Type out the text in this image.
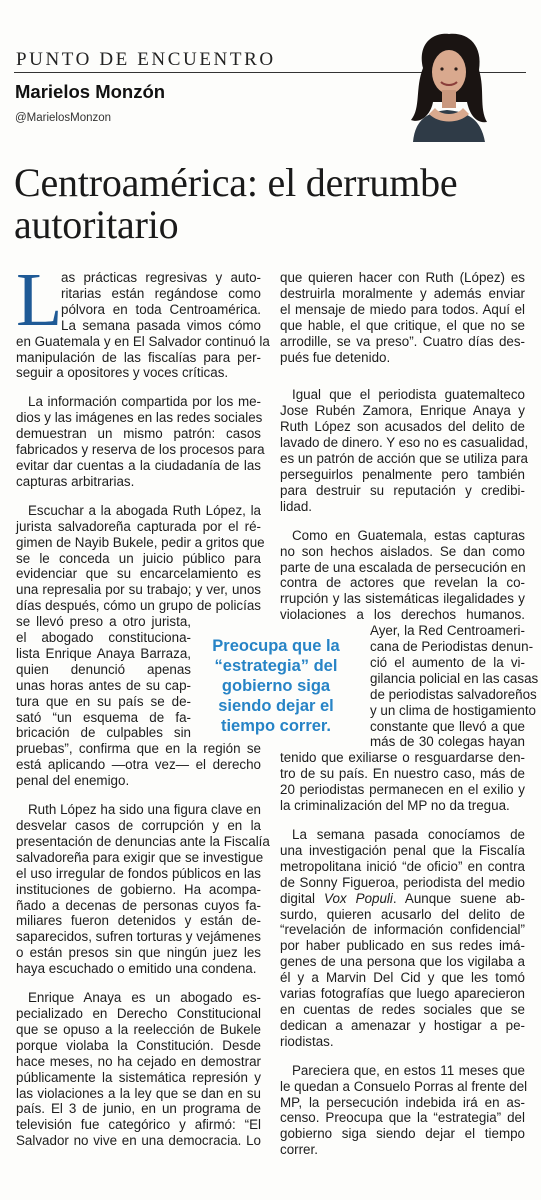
PUNTO DE ENCUENTRO
Marielos Monzón
@MarielosMonzon
Centroamérica: el derrumbe
autoritario
L

as prácticas regresivas y auto-
ritarias están regándose como
pólvora en toda Centroamérica.
La semana pasada vimos cómo
en Guatemala y en El Salvador continuó la
manipulación de las fiscalías para per-
seguir a opositores y voces críticas.

La información compartida por los me-
dios y las imágenes en las redes sociales
demuestran un mismo patrón: casos
fabricados y reserva de los procesos para
evitar dar cuentas a la ciudadanía de las
capturas arbitrarias.

Escuchar a la abogada Ruth López, la
jurista salvadoreña capturada por el ré-
gimen de Nayib Bukele, pedir a gritos que
se le conceda un juicio público para
evidenciar que su encarcelamiento es
una represalia por su trabajo; y ver, unos
días después, cómo un grupo de policías
se llevó preso a otro jurista,
el abogado constituciona-
lista Enrique Anaya Barraza,
quien denunció apenas
unas horas antes de su cap-
tura que en su país se de-
sató “un esquema de fa-
bricación de culpables sin
pruebas”, confirma que en la región se
está aplicando —otra vez— el derecho
penal del enemigo.

Ruth López ha sido una figura clave en
desvelar casos de corrupción y en la
presentación de denuncias ante la Fiscalía
salvadoreña para exigir que se investigue
el uso irregular de fondos públicos en las
instituciones de gobierno. Ha acompa-
ñado a decenas de personas cuyos fa-
miliares fueron detenidos y están de-
saparecidos, sufren torturas y vejámenes
o están presos sin que ningún juez les
haya escuchado o emitido una condena.

Enrique Anaya es un abogado es-
pecializado en Derecho Constitucional
que se opuso a la reelección de Bukele
porque violaba la Constitución. Desde
hace meses, no ha cejado en demostrar
públicamente la sistemática represión y
las violaciones a la ley que se dan en su
país. El 3 de junio, en un programa de
televisión fue categórico y afirmó: “El
Salvador no vive en una democracia. Lo

que quieren hacer con Ruth (López) es
destruirla moralmente y además enviar
el mensaje de miedo para todos. Aquí el
que hable, el que critique, el que no se
arrodille, se va preso”. Cuatro días des-
pués fue detenido.

Igual que el periodista guatemalteco
Jose Rubén Zamora, Enrique Anaya y
Ruth López son acusados del delito de
lavado de dinero. Y eso no es casualidad,
es un patrón de acción que se utiliza para
perseguirlos penalmente pero también
para destruir su reputación y credibi-
lidad.

Como en Guatemala, estas capturas
no son hechos aislados. Se dan como
parte de una escalada de persecución en
contra de actores que revelan la co-
rrupción y las sistemáticas ilegalidades y
violaciones a los derechos humanos.
Ayer, la Red Centroameri-
cana de Periodistas denun-
ció el aumento de la vi-
gilancia policial en las casas
de periodistas salvadoreños
y un clima de hostigamiento
constante que llevó a que
más de 30 colegas hayan
tenido que exiliarse o resguardarse den-
tro de su país. En nuestro caso, más de
20 periodistas permanecen en el exilio y
la criminalización del MP no da tregua.

La semana pasada conocíamos de
una investigación penal que la Fiscalía
metropolitana inició “de oficio” en contra
de Sonny Figueroa, periodista del medio
digital Vox Populi. Aunque suene ab-
surdo, quieren acusarlo del delito de
“revelación de información confidencial”
por haber publicado en sus redes imá-
genes de una persona que los vigilaba a
él y a Marvin Del Cid y que les tomó
varias fotografías que luego aparecieron
en cuentas de redes sociales que se
dedican a amenazar y hostigar a pe-
riodistas.

Pareciera que, en estos 11 meses que
le quedan a Consuelo Porras al frente del
MP, la persecución indebida irá en as-
censo. Preocupa que la “estrategia” del
gobierno siga siendo dejar el tiempo
correr.

Preocupa que la
“estrategia” del
gobierno siga
siendo dejar el
tiempo correr.
